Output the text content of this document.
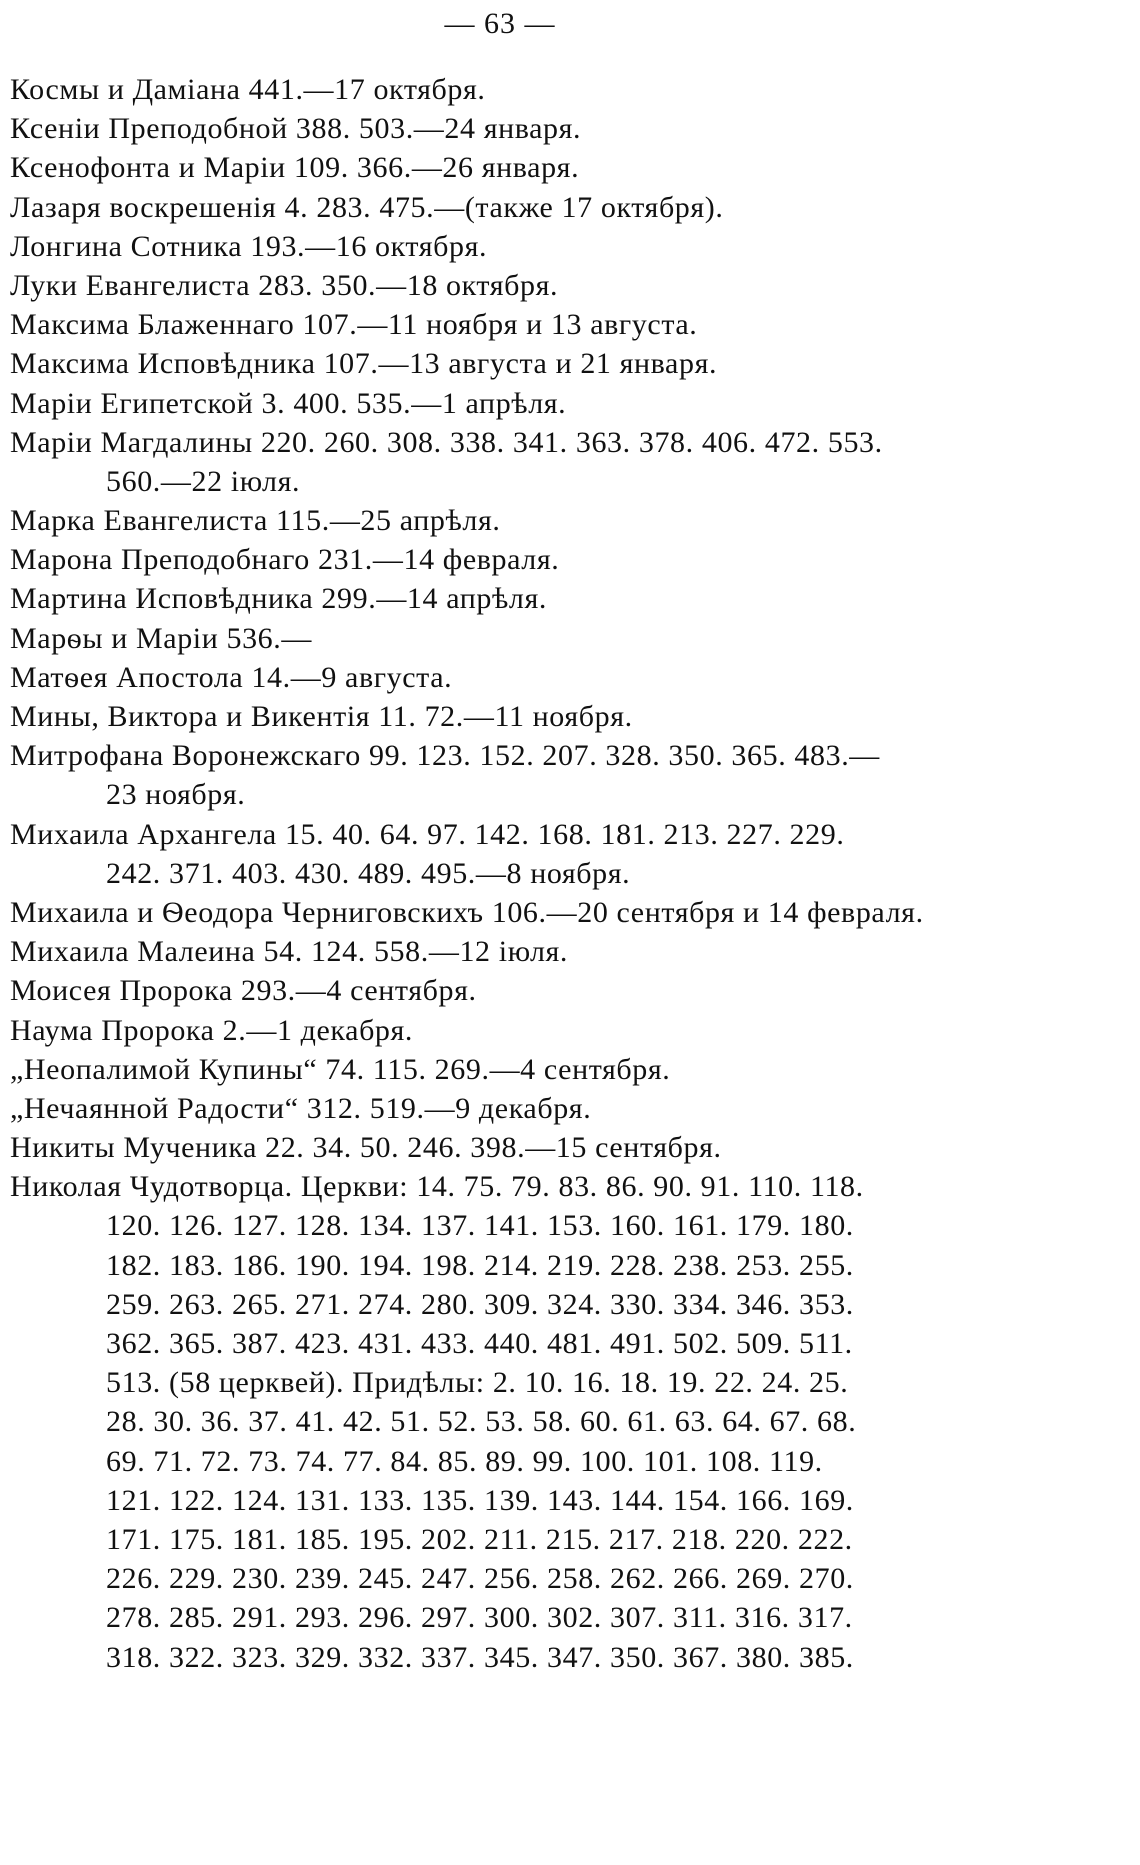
— 63 —
Космы и Даміана 441.—17 октября.
Ксеніи Преподобной 388. 503.—24 января.
Ксенофонта и Маріи 109. 366.—26 января.
Лазаря воскрешенія 4. 283. 475.—(также 17 октября).
Лонгина Сотника 193.—16 октября.
Луки Евангелиста 283. 350.—18 октября.
Максима Блаженнаго 107.—11 ноября и 13 августа.
Максима Исповѣдника 107.—13 августа и 21 января.
Маріи Египетской 3. 400. 535.—1 апрѣля.
Маріи Магдалины 220. 260. 308. 338. 341. 363. 378. 406. 472. 553.
560.—22 іюля.
Марка Евангелиста 115.—25 апрѣля.
Марона Преподобнаго 231.—14 февраля.
Мартина Исповѣдника 299.—14 апрѣля.
Марѳы и Маріи 536.—
Матѳея Апостола 14.—9 августа.
Мины, Виктора и Викентія 11. 72.—11 ноября.
Митрофана Воронежскаго 99. 123. 152. 207. 328. 350. 365. 483.—
23 ноября.
Михаила Архангела 15. 40. 64. 97. 142. 168. 181. 213. 227. 229.
242. 371. 403. 430. 489. 495.—8 ноября.
Михаила и Ѳеодора Черниговскихъ 106.—20 сентября и 14 февраля.
Михаила Малеина 54. 124. 558.—12 іюля.
Моисея Пророка 293.—4 сентября.
Наума Пророка 2.—1 декабря.
„Неопалимой Купины“ 74. 115. 269.—4 сентября.
„Нечаянной Радости“ 312. 519.—9 декабря.
Никиты Мученика 22. 34. 50. 246. 398.—15 сентября.
Николая Чудотворца. Церкви: 14. 75. 79. 83. 86. 90. 91. 110. 118.
120. 126. 127. 128. 134. 137. 141. 153. 160. 161. 179. 180.
182. 183. 186. 190. 194. 198. 214. 219. 228. 238. 253. 255.
259. 263. 265. 271. 274. 280. 309. 324. 330. 334. 346. 353.
362. 365. 387. 423. 431. 433. 440. 481. 491. 502. 509. 511.
513. (58 церквей). Придѣлы: 2. 10. 16. 18. 19. 22. 24. 25.
28. 30. 36. 37. 41. 42. 51. 52. 53. 58. 60. 61. 63. 64. 67. 68.
69. 71. 72. 73. 74. 77. 84. 85. 89. 99. 100. 101. 108. 119.
121. 122. 124. 131. 133. 135. 139. 143. 144. 154. 166. 169.
171. 175. 181. 185. 195. 202. 211. 215. 217. 218. 220. 222.
226. 229. 230. 239. 245. 247. 256. 258. 262. 266. 269. 270.
278. 285. 291. 293. 296. 297. 300. 302. 307. 311. 316. 317.
318. 322. 323. 329. 332. 337. 345. 347. 350. 367. 380. 385.
